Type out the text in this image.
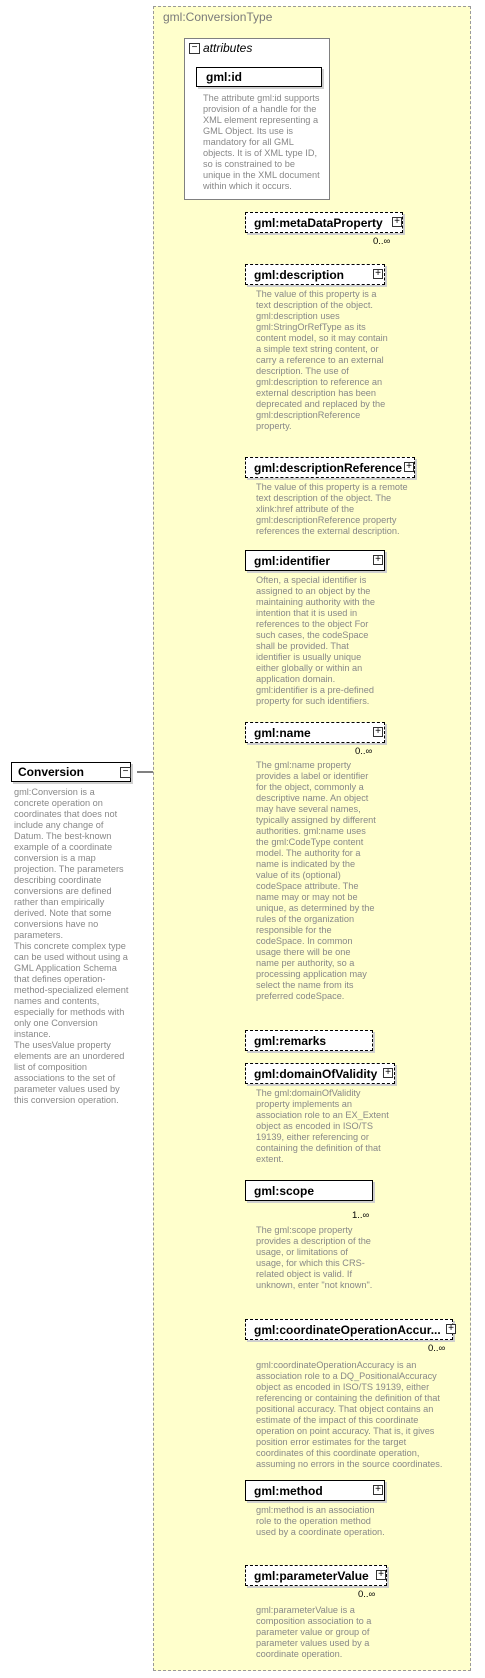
gml:ConversionType
− attributes
gml:id
The attribute gml:id supports provision of a handle for the XML element representing a GML Object. Its use is mandatory for all GML objects. It is of XML type ID, so is constrained to be unique in the XML document within which it occurs.
Conversion	−
gml:Conversion is a concrete operation on coordinates that does not include any change of Datum. The best-known example of a coordinate conversion is a map projection. The parameters describing coordinate conversions are defined rather than empirically derived. Note that some conversions have no parameters.
This concrete complex type can be used without using a GML Application Schema that defines operation-method-specialized element names and contents, especially for methods with only one Conversion instance.
The usesValue property elements are an unordered list of composition associations to the set of parameter values used by this conversion operation.
gml:metaDataProperty +
0..∞
gml:description	+
The value of this property is a text description of the object. gml:description uses gml:StringOrRefType as its content model, so it may contain a simple text string content, or carry a reference to an external description. The use of gml:description to reference an external description has been deprecated and replaced by the gml:descriptionReference property.
gml:descriptionReference +
The value of this property is a remote text description of the object. The xlink:href attribute of the gml:descriptionReference property references the external description.
gml:identifier	+
Often, a special identifier is assigned to an object by the maintaining authority with the intention that it is used in references to the object For such cases, the codeSpace shall be provided. That identifier is usually unique either globally or within an application domain. gml:identifier is a pre-defined property for such identifiers.
gml:name	+
0..∞
The gml:name property provides a label or identifier for the object, commonly a descriptive name. An object may have several names, typically assigned by different authorities. gml:name uses the gml:CodeType content model. The authority for a name is indicated by the value of its (optional) codeSpace attribute. The name may or may not be unique, as determined by the rules of the organization responsible for the codeSpace. In common usage there will be one name per authority, so a processing application may select the name from its preferred codeSpace.
gml:remarks
gml:domainOfValidity +
The gml:domainOfValidity property implements an association role to an EX_Extent object as encoded in ISO/TS 19139, either referencing or containing the definition of that extent.
gml:scope
1..∞
The gml:scope property provides a description of the usage, or limitations of usage, for which this CRS-related object is valid. If unknown, enter "not known".
gml:coordinateOperationAccur... +
0..∞
gml:coordinateOperationAccuracy is an association role to a DQ_PositionalAccuracy object as encoded in ISO/TS 19139, either referencing or containing the definition of that positional accuracy. That object contains an estimate of the impact of this coordinate operation on point accuracy. That is, it gives position error estimates for the target coordinates of this coordinate operation, assuming no errors in the source coordinates.
gml:method	+
gml:method is an association role to the operation method used by a coordinate operation.
gml:parameterValue +
0..∞
gml:parameterValue is a composition association to a parameter value or group of parameter values used by a coordinate operation.
